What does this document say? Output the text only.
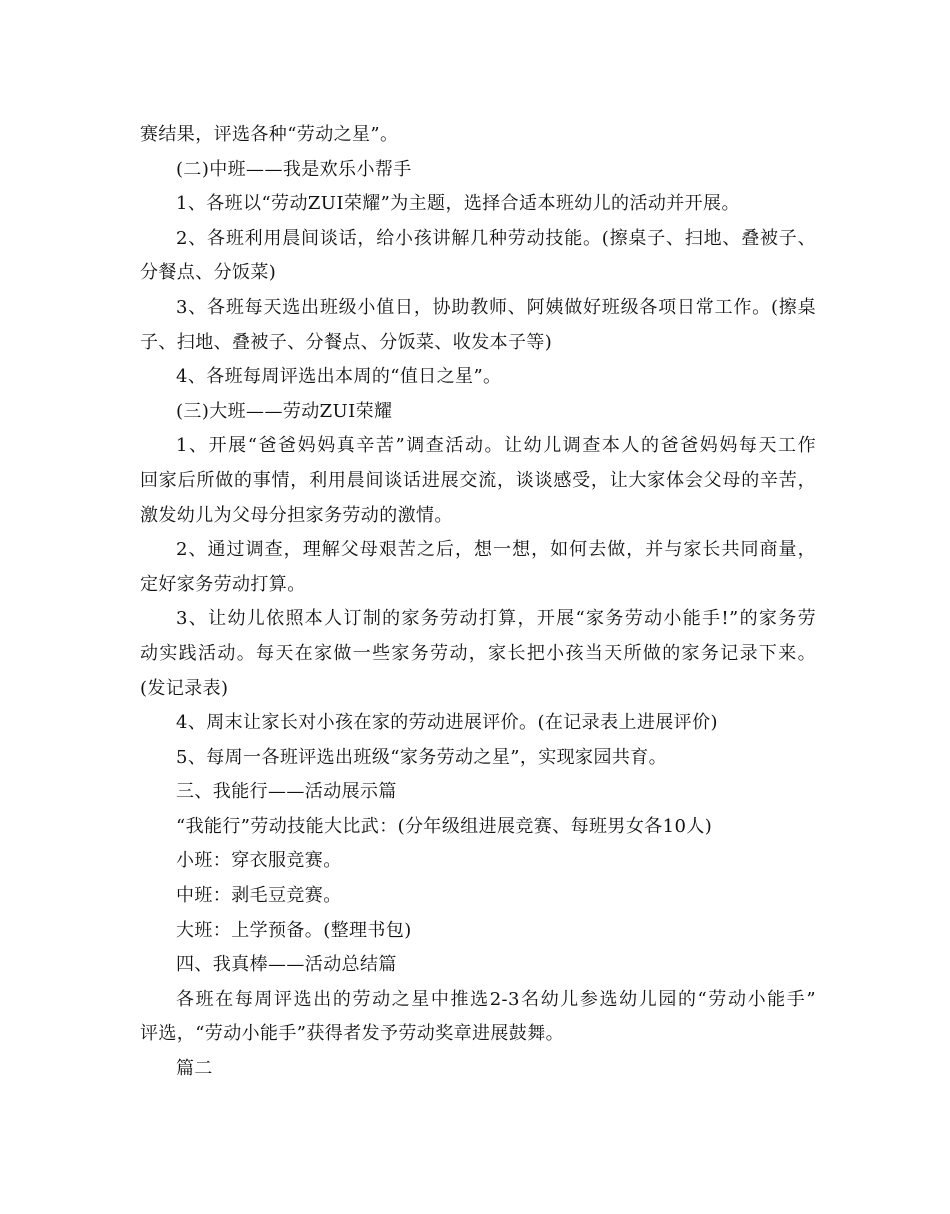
赛结果，评选各种“劳动之星”。
(二)中班——我是欢乐小帮手
1、各班以“劳动ZUI荣耀”为主题，选择合适本班幼儿的活动并开展。
2、各班利用晨间谈话，给小孩讲解几种劳动技能。(擦桌子、扫地、叠被子、
分餐点、分饭菜)
3、各班每天选出班级小值日，协助教师、阿姨做好班级各项日常工作。(擦桌
子、扫地、叠被子、分餐点、分饭菜、收发本子等)
4、各班每周评选出本周的“值日之星”。
(三)大班——劳动ZUI荣耀
1、开展“爸爸妈妈真辛苦”调查活动。让幼儿调查本人的爸爸妈妈每天工作
回家后所做的事情，利用晨间谈话进展交流，谈谈感受，让大家体会父母的辛苦，
激发幼儿为父母分担家务劳动的激情。
2、通过调查，理解父母艰苦之后，想一想，如何去做，并与家长共同商量，
定好家务劳动打算。
3、让幼儿依照本人订制的家务劳动打算，开展“家务劳动小能手!”的家务劳
动实践活动。每天在家做一些家务劳动，家长把小孩当天所做的家务记录下来。
(发记录表)
4、周末让家长对小孩在家的劳动进展评价。(在记录表上进展评价)
5、每周一各班评选出班级“家务劳动之星”，实现家园共育。
三、我能行——活动展示篇
“我能行”劳动技能大比武：(分年级组进展竞赛、每班男女各10人)
小班：穿衣服竞赛。
中班：剥毛豆竞赛。
大班：上学预备。(整理书包)
四、我真棒——活动总结篇
各班在每周评选出的劳动之星中推选2-3名幼儿参选幼儿园的“劳动小能手”
评选，“劳动小能手”获得者发予劳动奖章进展鼓舞。
篇二
